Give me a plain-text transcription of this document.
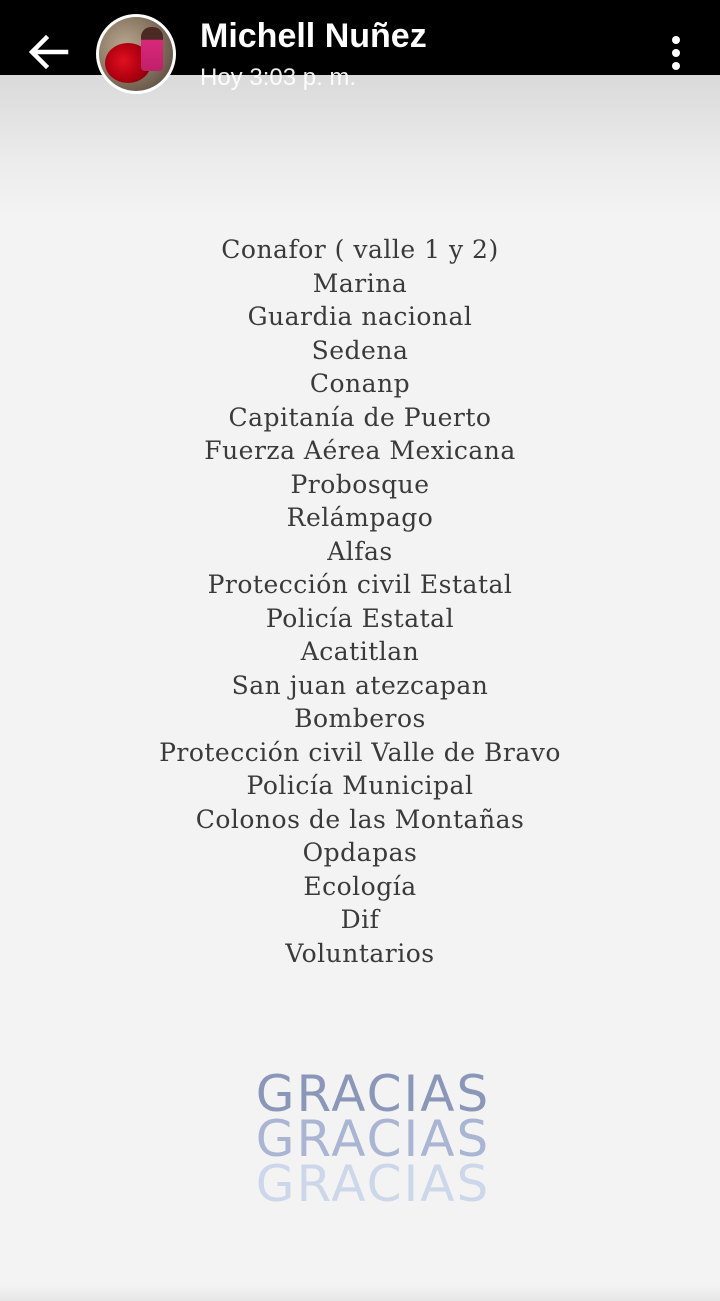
Michell Nuñez
Hoy 3:03 p. m.
Conafor ( valle 1 y 2)
Marina
Guardia nacional
Sedena
Conanp
Capitanía de Puerto
Fuerza Aérea Mexicana
Probosque
Relámpago
Alfas
Protección civil Estatal
Policía Estatal
Acatitlan
San juan atezcapan
Bomberos
Protección civil Valle de Bravo
Policía Municipal
Colonos de las Montañas
Opdapas
Ecología
Dif
Voluntarios
GRACIAS
GRACIAS
GRACIAS
